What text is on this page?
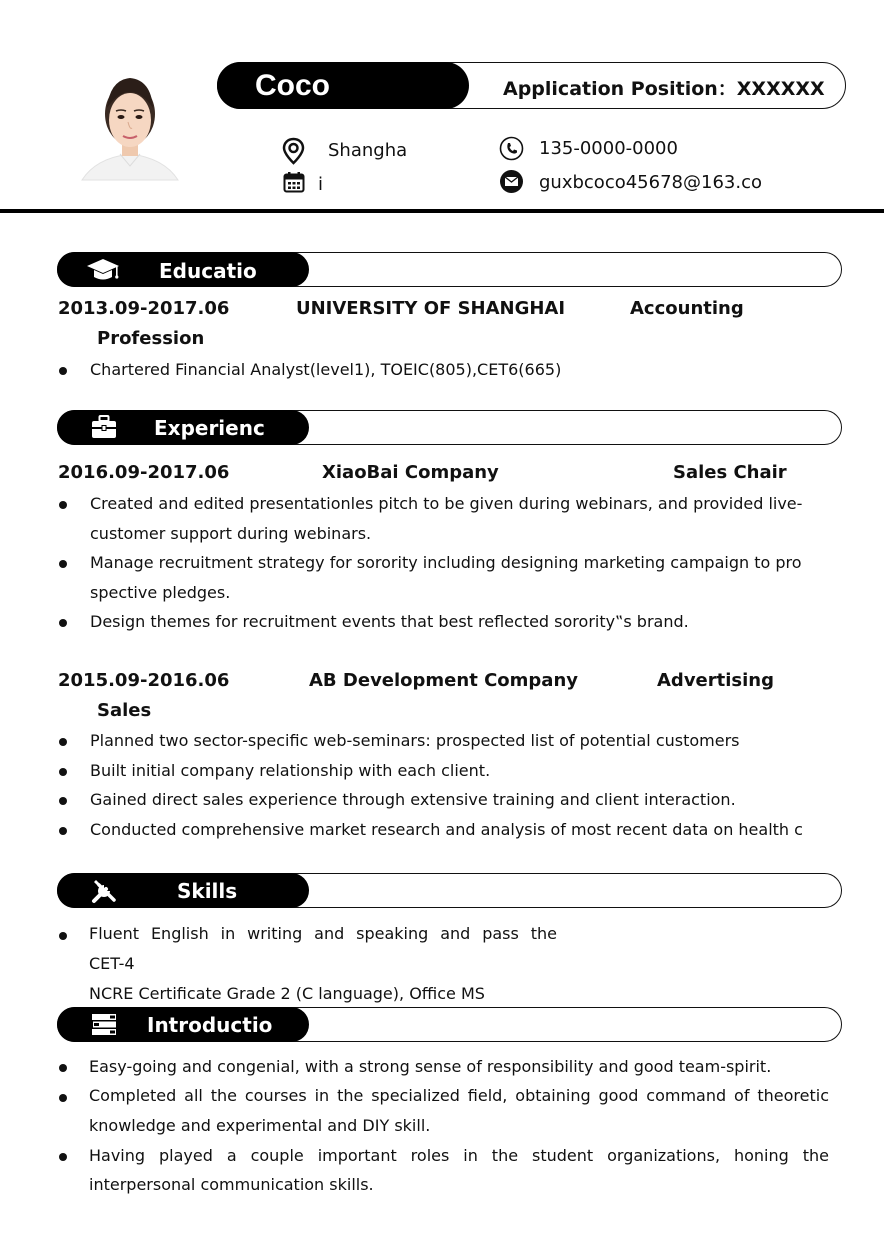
Coco	Application Position：XXXXXX
Shangha
i
135-0000-0000
guxbcoco45678@163.co
Educatio
2013.09-2017.06	UNIVERSITY OF SHANGHAI	Accounting
Profession
Chartered Financial Analyst(level1), TOEIC(805),CET6(665)
Experienc
2016.09-2017.06	XiaoBai Company	Sales Chair
Created and edited presentationles pitch to be given during webinars, and provided live-
customer support during webinars.
Manage recruitment strategy for sorority including designing marketing campaign to pro
spective pledges.
Design themes for recruitment events that best reflected sorority‟s brand.
2015.09-2016.06	AB Development Company	Advertising
Sales
Planned two sector-specific web-seminars: prospected list of potential customers
Built initial company relationship with each client.
Gained direct sales experience through extensive training and client interaction.
Conducted comprehensive market research and analysis of most recent data on health c
Skills
Fluent English in writing and speaking and pass the
CET-4
NCRE Certificate Grade 2 (C language), Office MS
Introductio
Easy-going and congenial, with a strong sense of responsibility and good team-spirit.
Completed all the courses in the specialized field, obtaining good command of theoretic
knowledge and experimental and DIY skill.
Having played a couple important roles in the student organizations, honing the
interpersonal communication skills.
